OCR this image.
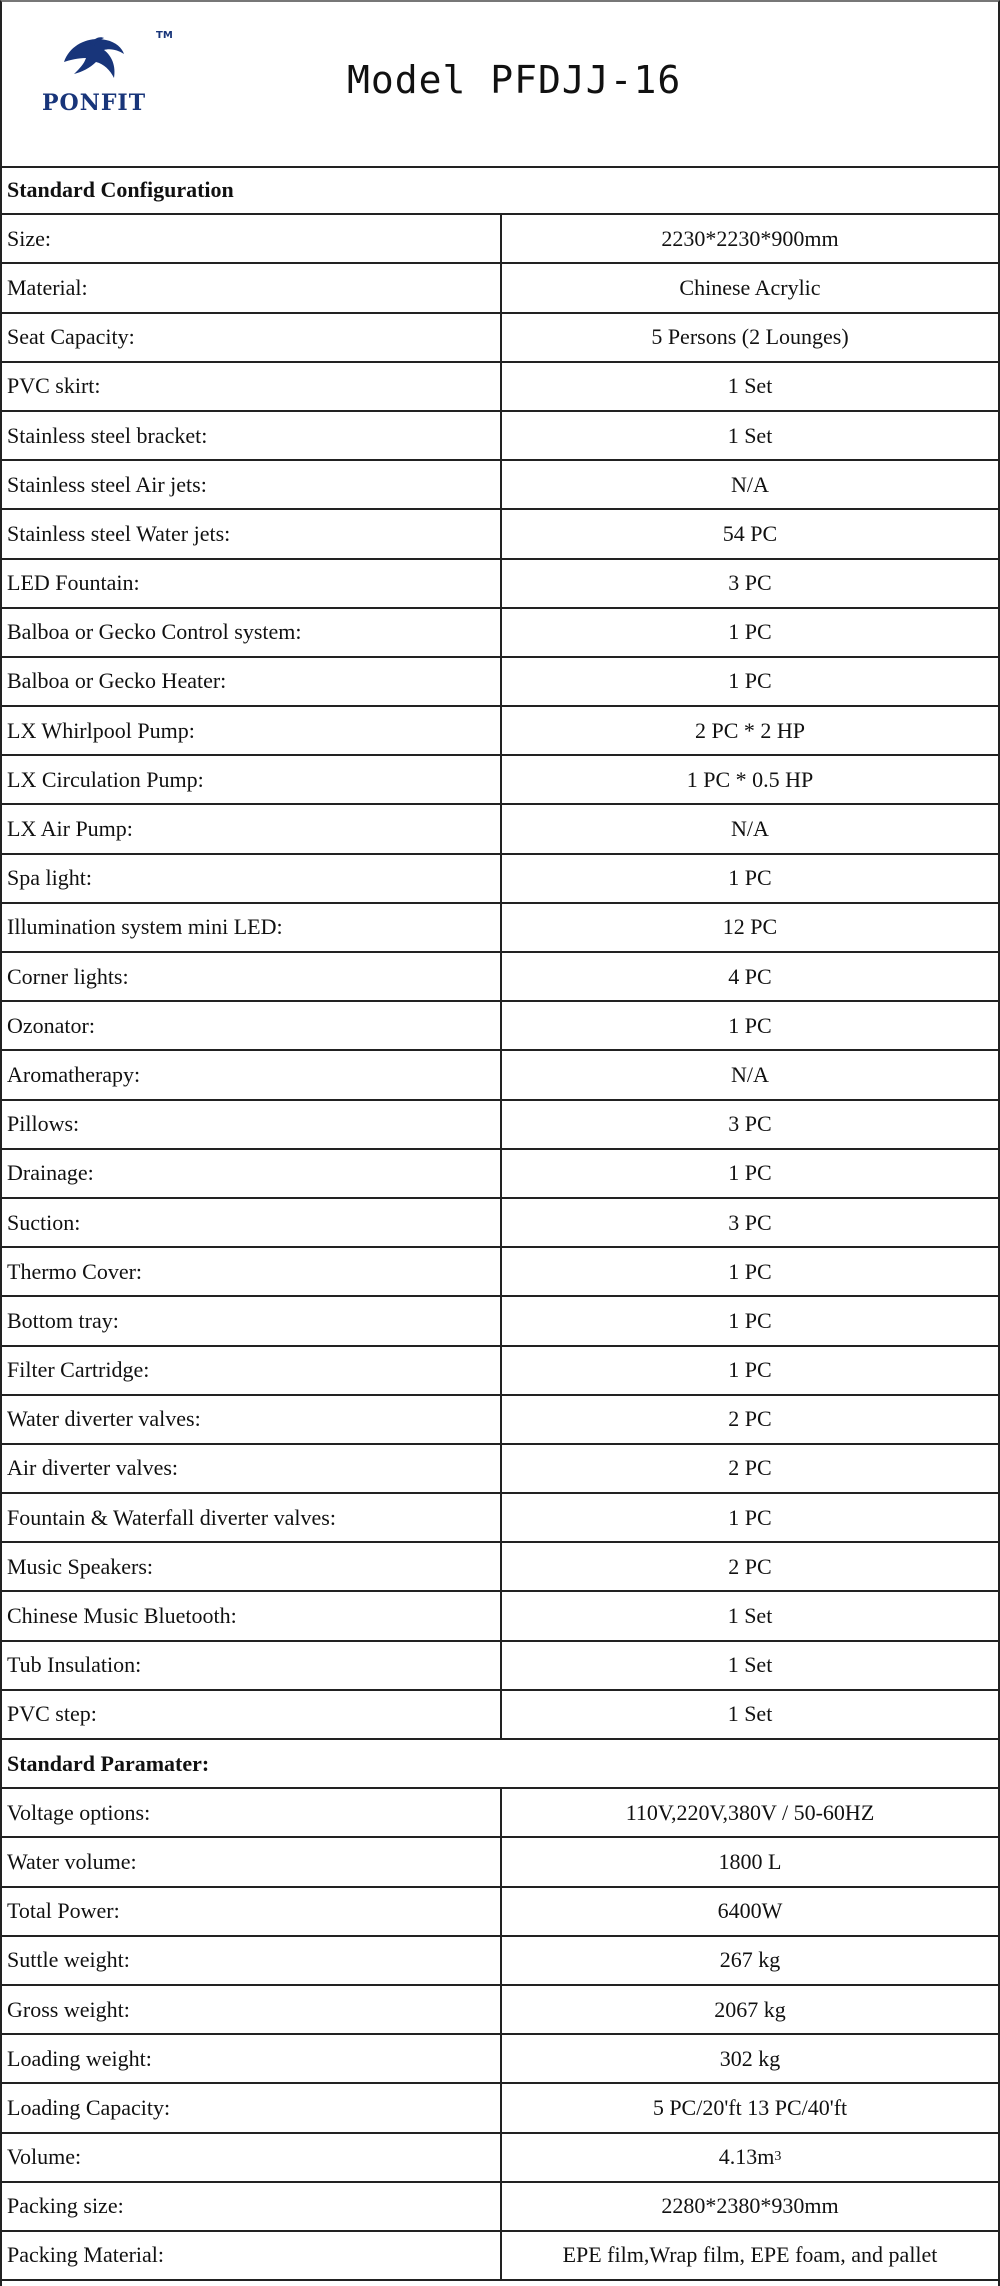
TM
PONFIT
Model PFDJJ-16
Standard Configuration
Size:	2230*2230*900mm
Material:	Chinese Acrylic
Seat Capacity:	5 Persons (2 Lounges)
PVC skirt:	1 Set
Stainless steel bracket:	1 Set
Stainless steel Air jets:	N/A
Stainless steel Water jets:	54 PC
LED Fountain:	3 PC
Balboa or Gecko Control system:	1 PC
Balboa or Gecko Heater:	1 PC
LX Whirlpool Pump:	2 PC * 2 HP
LX Circulation Pump:	1 PC * 0.5 HP
LX Air Pump:	N/A
Spa light:	1 PC
Illumination system mini LED:	12 PC
Corner lights:	4 PC
Ozonator:	1 PC
Aromatherapy:	N/A
Pillows:	3 PC
Drainage:	1 PC
Suction:	3 PC
Thermo Cover:	1 PC
Bottom tray:	1 PC
Filter Cartridge:	1 PC
Water diverter valves:	2 PC
Air diverter valves:	2 PC
Fountain & Waterfall diverter valves:	1 PC
Music Speakers:	2 PC
Chinese Music Bluetooth:	1 Set
Tub Insulation:	1 Set
PVC step:	1 Set
Standard Paramater:
Voltage options:	110V,220V,380V / 50-60HZ
Water volume:	1800 L
Total Power:	6400W
Suttle weight:	267 kg
Gross weight:	2067 kg
Loading weight:	302 kg
Loading Capacity:	5 PC/20'ft 13 PC/40'ft
Volume:	4.13m 3
Packing size:	2280*2380*930mm
Packing Material:	EPE film,Wrap film, EPE foam, and pallet
